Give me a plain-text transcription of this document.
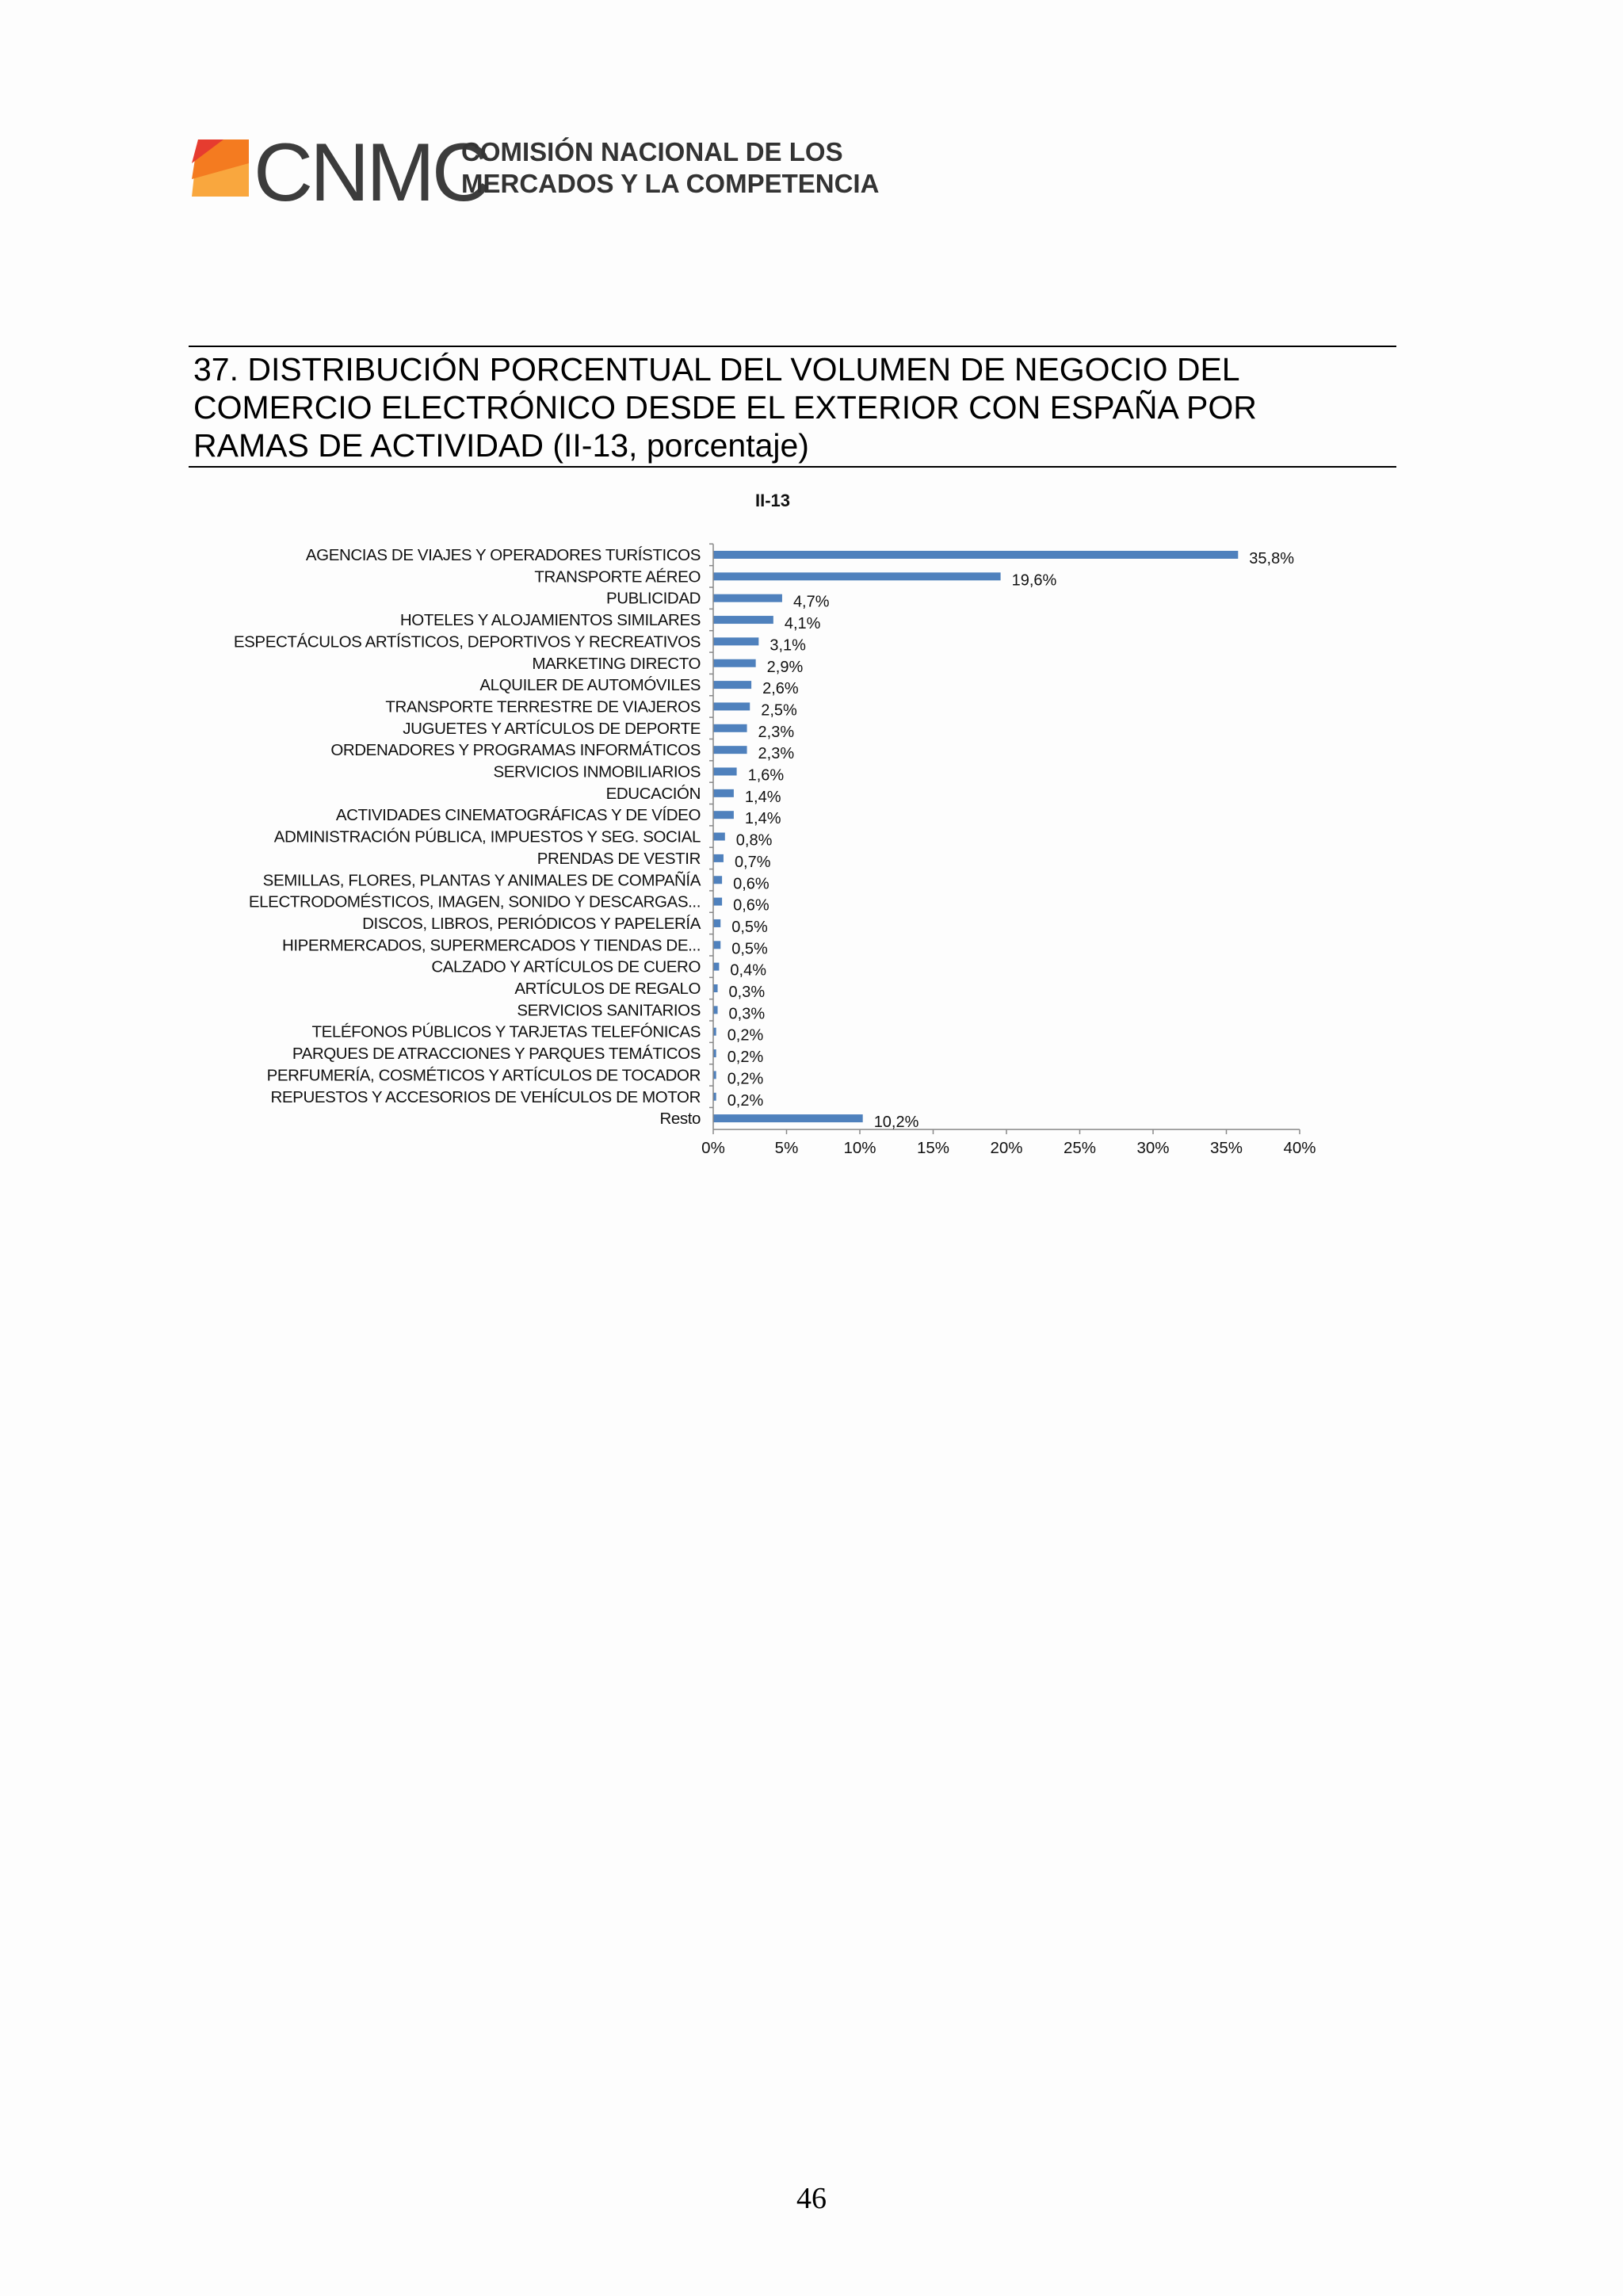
CNMC
COMISIÓN NACIONAL DE LOS
MERCADOS Y LA COMPETENCIA
37. DISTRIBUCIÓN PORCENTUAL DEL VOLUMEN DE NEGOCIO DEL
COMERCIO ELECTRÓNICO DESDE EL EXTERIOR CON ESPAÑA POR
RAMAS DE ACTIVIDAD (II-13, porcentaje)
II-13
AGENCIAS DE VIAJES Y OPERADORES TURÍSTICOS	35,8%
TRANSPORTE AÉREO	19,6%
PUBLICIDAD	4,7%
HOTELES Y ALOJAMIENTOS SIMILARES	4,1%
ESPECTÁCULOS ARTÍSTICOS, DEPORTIVOS Y RECREATIVOS	3,1%
MARKETING DIRECTO	2,9%
ALQUILER DE AUTOMÓVILES	2,6%
TRANSPORTE TERRESTRE DE VIAJEROS	2,5%
JUGUETES Y ARTÍCULOS DE DEPORTE	2,3%
ORDENADORES Y PROGRAMAS INFORMÁTICOS	2,3%
SERVICIOS INMOBILIARIOS	1,6%
EDUCACIÓN	1,4%
ACTIVIDADES CINEMATOGRÁFICAS Y DE VÍDEO	1,4%
ADMINISTRACIÓN PÚBLICA, IMPUESTOS Y SEG. SOCIAL 0,8%
PRENDAS DE VESTIR 0,7%
SEMILLAS, FLORES, PLANTAS Y ANIMALES DE COMPAÑÍA 0,6%
ELECTRODOMÉSTICOS, IMAGEN, SONIDO Y DESCARGAS... 0,6%
DISCOS, LIBROS, PERIÓDICOS Y PAPELERÍA 0,5%
HIPERMERCADOS, SUPERMERCADOS Y TIENDAS DE... 0,5%
CALZADO Y ARTÍCULOS DE CUERO 0,4%
ARTÍCULOS DE REGALO 0,3%
SERVICIOS SANITARIOS 0,3%
TELÉFONOS PÚBLICOS Y TARJETAS TELEFÓNICAS 0,2%
PARQUES DE ATRACCIONES Y PARQUES TEMÁTICOS 0,2%
PERFUMERÍA, COSMÉTICOS Y ARTÍCULOS DE TOCADOR 0,2%
REPUESTOS Y ACCESORIOS DE VEHÍCULOS DE MOTOR 0,2%
Resto	10,2%
0%	5%	10%	15%	20%	25%	30%	35%	40%
46
